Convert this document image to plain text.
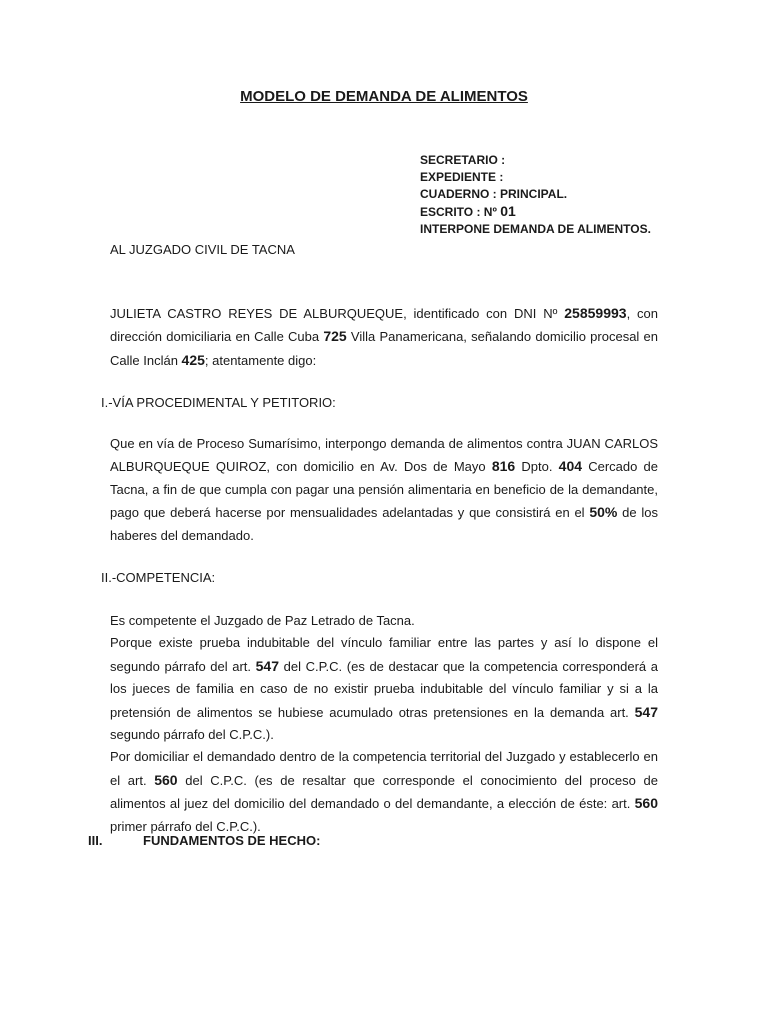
MODELO DE DEMANDA DE ALIMENTOS
SECRETARIO :
EXPEDIENTE :
CUADERNO : PRINCIPAL.
ESCRITO : Nº 01
INTERPONE DEMANDA DE ALIMENTOS.
AL JUZGADO CIVIL DE TACNA

JULIETA CASTRO REYES DE ALBURQUEQUE, identificado con DNI Nº 25859993, con dirección domiciliaria en Calle Cuba 725 Villa Panamericana, señalando domicilio procesal en Calle Inclán 425; atentamente digo:

I.-VÍA PROCEDIMENTAL Y PETITORIO:

Que en vía de Proceso Sumarísimo, interpongo demanda de alimentos contra JUAN CARLOS ALBURQUEQUE QUIROZ, con domicilio en Av. Dos de Mayo 816 Dpto. 404 Cercado de Tacna, a fin de que cumpla con pagar una pensión alimentaria en beneficio de la demandante, pago que deberá hacerse por mensualidades adelantadas y que consistirá en el 50% de los haberes del demandado.

II.-COMPETENCIA:

Es competente el Juzgado de Paz Letrado de Tacna.

Porque existe prueba indubitable del vínculo familiar entre las partes y así lo dispone el segundo párrafo del art. 547 del C.P.C. (es de destacar que la competencia corresponderá a los jueces de familia en caso de no existir prueba indubitable del vínculo familiar y si a la pretensión de alimentos se hubiese acumulado otras pretensiones en la demanda art. 547 segundo párrafo del C.P.C.).

Por domiciliar el demandado dentro de la competencia territorial del Juzgado y establecerlo en el art. 560 del C.P.C. (es de resaltar que corresponde el conocimiento del proceso de alimentos al juez del domicilio del demandado o del demandante, a elección de éste: art. 560 primer párrafo del C.P.C.).

III.	FUNDAMENTOS DE HECHO:
